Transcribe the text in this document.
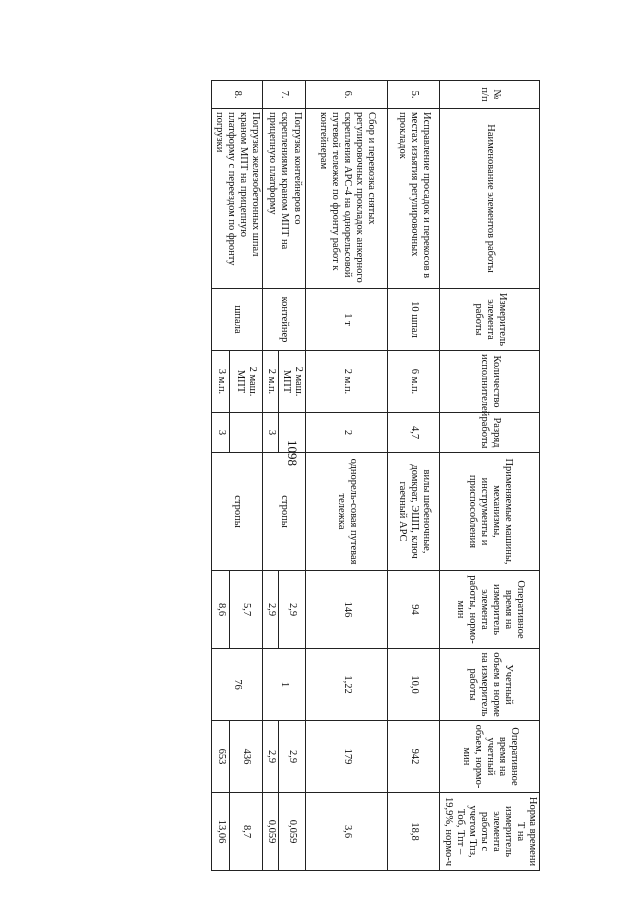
1098
№ п/п	Наименование элементов работы	Измеритель элемента работы	Количество исполнителей	Разряд работы	Применяемые машины, механизмы, инструменты и приспособления	Оперативное время на измеритель элемента работы, нормо-мин	Учетный объем в норме на измеритель работы	Оперативное время на учетный объем, нормо-мин	Норма времени Т на измеритель элемента работы с учетом Тпз, Тоб, Тпт – 19,9%, нормо-ч
5.	Исправление просадок и перекосов в местах изъятия регулировочных прокладок	10 шпал	6 м.п.	4,7	вилы шебеночные, домкрат, ЭШП, ключ гаечный АРС	94	10,0	942	18,8
6.	Сбор и перевозка снятых регулировочных прокладок анкерного скрепления АРС-4 на однорельсовой путевой тележке по фронту работ к контейнерам	1 т	2 м.п.	2	однорель-совая путевая тележка	146	1,22	179	3,6
7.	Погрузка контейнеров со скреплениями краном МПТ на прицепную платформу	контейнер	2 маш. МПТ		стропы	2,9	1	2,9	0,059
			2 м.п.	3		2,9		2,9	0,059
8.	Погрузка железобетонных шпал краном МПТ на прицепную платформу с переездом по фронту погрузки	шпала	2 маш. МПТ		стропы	5,7	76	436	8,7
			3 м.п.	3		8,6		653	13,06
